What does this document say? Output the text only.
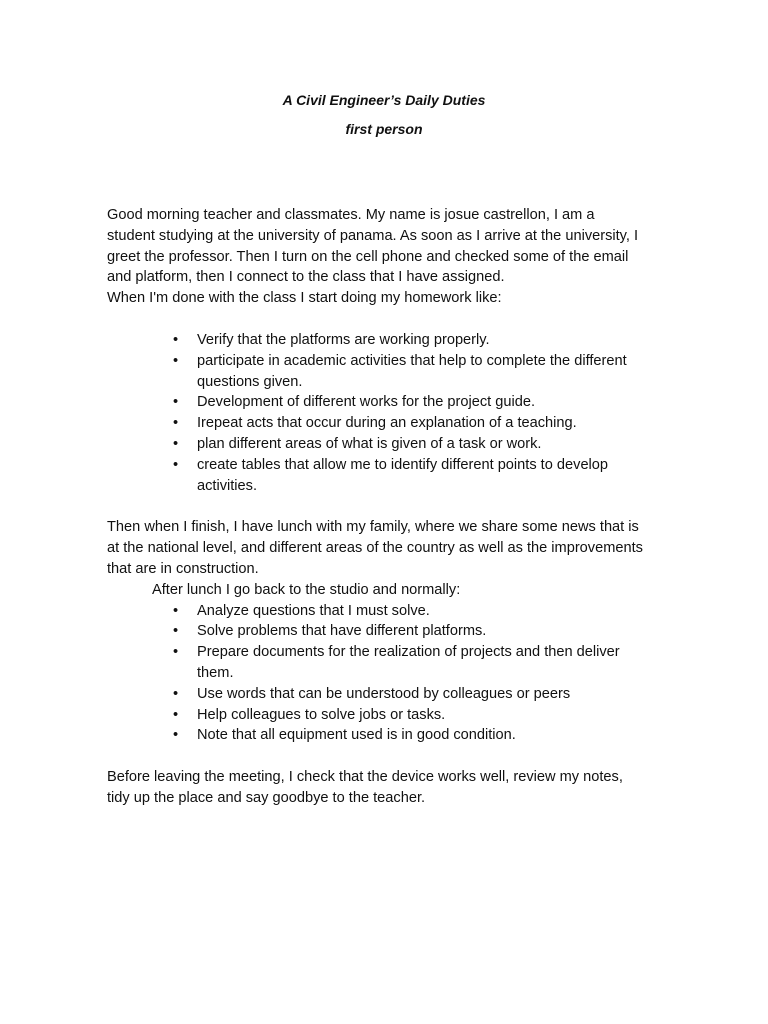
A Civil Engineer’s Daily Duties

first person

Good morning teacher and classmates. My name is josue castrellon, I am a

student studying at the university of panama. As soon as I arrive at the university, I

greet the professor. Then I turn on the cell phone and checked some of the email

and platform, then I connect to the class that I have assigned.

When I'm done with the class I start doing my homework like:

• Verify that the platforms are working properly.
• participate in academic activities that help to complete the different
questions given.
• Development of different works for the project guide.
• Irepeat acts that occur during an explanation of a teaching.
• plan different areas of what is given of a task or work.
• create tables that allow me to identify different points to develop
activities.

Then when I finish, I have lunch with my family, where we share some news that is

at the national level, and different areas of the country as well as the improvements

that are in construction.

After lunch I go back to the studio and normally:

• Analyze questions that I must solve.
• Solve problems that have different platforms.
• Prepare documents for the realization of projects and then deliver
them.
• Use words that can be understood by colleagues or peers
• Help colleagues to solve jobs or tasks.
• Note that all equipment used is in good condition.

Before leaving the meeting, I check that the device works well, review my notes,

tidy up the place and say goodbye to the teacher.
